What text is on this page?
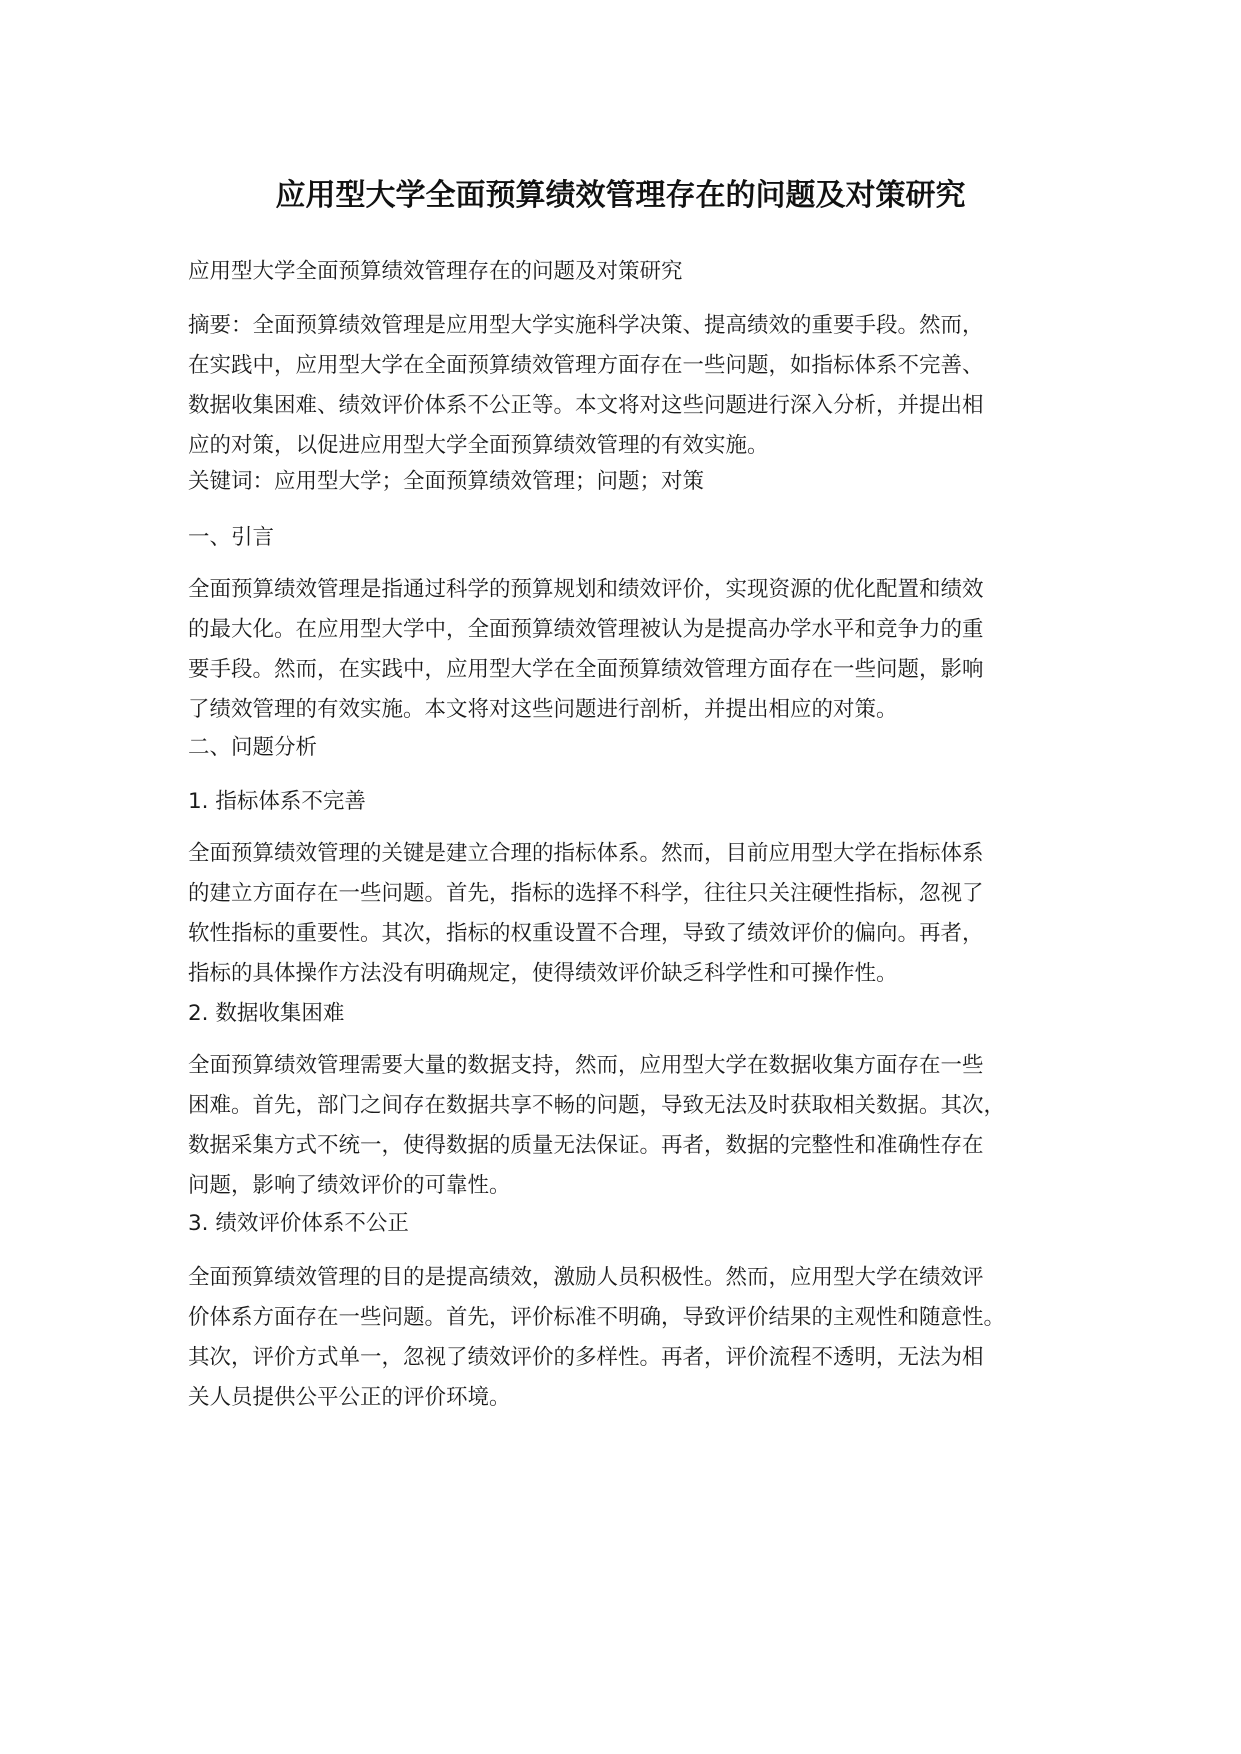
应用型大学全面预算绩效管理存在的问题及对策研究

应用型大学全面预算绩效管理存在的问题及对策研究

摘要：全面预算绩效管理是应用型大学实施科学决策、提高绩效的重要手段。然而，
在实践中，应用型大学在全面预算绩效管理方面存在一些问题，如指标体系不完善、
数据收集困难、绩效评价体系不公正等。本文将对这些问题进行深入分析，并提出相
应的对策，以促进应用型大学全面预算绩效管理的有效实施。

关键词：应用型大学；全面预算绩效管理；问题；对策

一、引言

全面预算绩效管理是指通过科学的预算规划和绩效评价，实现资源的优化配置和绩效
的最大化。在应用型大学中，全面预算绩效管理被认为是提高办学水平和竞争力的重
要手段。然而，在实践中，应用型大学在全面预算绩效管理方面存在一些问题，影响
了绩效管理的有效实施。本文将对这些问题进行剖析，并提出相应的对策。

二、问题分析

1. 指标体系不完善

全面预算绩效管理的关键是建立合理的指标体系。然而，目前应用型大学在指标体系
的建立方面存在一些问题。首先，指标的选择不科学，往往只关注硬性指标，忽视了
软性指标的重要性。其次，指标的权重设置不合理，导致了绩效评价的偏向。再者，
指标的具体操作方法没有明确规定，使得绩效评价缺乏科学性和可操作性。

2. 数据收集困难

全面预算绩效管理需要大量的数据支持，然而，应用型大学在数据收集方面存在一些
困难。首先，部门之间存在数据共享不畅的问题，导致无法及时获取相关数据。其次，
数据采集方式不统一，使得数据的质量无法保证。再者，数据的完整性和准确性存在
问题，影响了绩效评价的可靠性。

3. 绩效评价体系不公正

全面预算绩效管理的目的是提高绩效，激励人员积极性。然而，应用型大学在绩效评
价体系方面存在一些问题。首先，评价标准不明确，导致评价结果的主观性和随意性。
其次，评价方式单一，忽视了绩效评价的多样性。再者，评价流程不透明，无法为相
关人员提供公平公正的评价环境。
